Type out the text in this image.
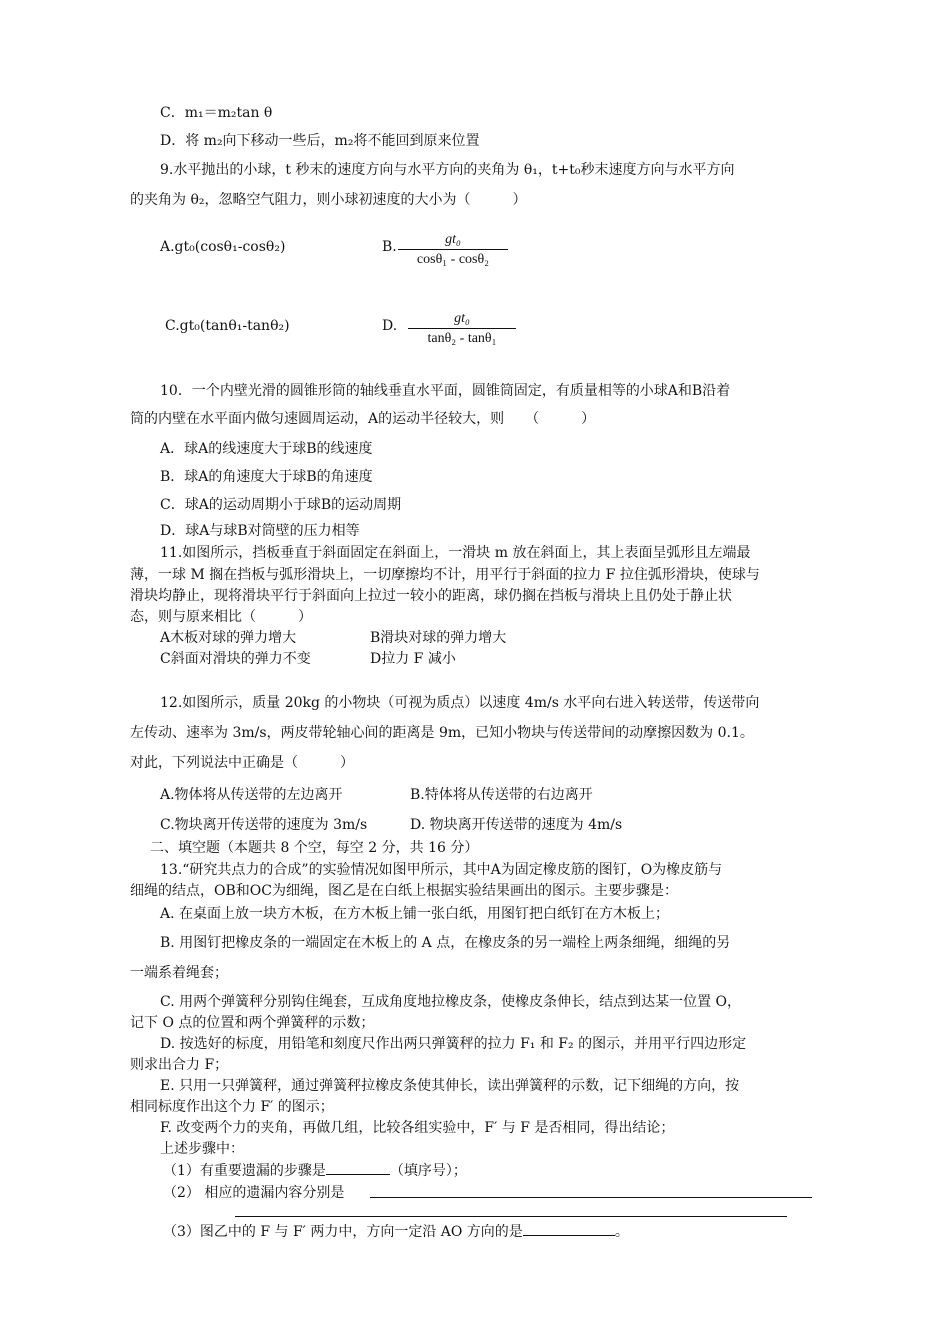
C．m₁＝m₂tan θ
D．将 m₂向下移动一些后，m₂将不能回到原来位置
9.水平抛出的小球，t 秒末的速度方向与水平方向的夹角为 θ₁，t+t₀秒末速度方向与水平方向
的夹角为 θ₂，忽略空气阻力，则小球初速度的大小为（　　　）
A.gt₀(cosθ₁-cosθ₂)	B. $\frac{\text{gt₀}}{\text{cosθ₁ - cosθ₂}}$
C.gt₀(tanθ₁-tanθ₂)	D. $\frac{\text{gt₀}}{\text{tanθ₂ - tanθ₁}}$
10．一个内壁光滑的圆锥形筒的轴线垂直水平面，圆锥筒固定，有质量相等的小球A和B沿着
筒的内壁在水平面内做匀速圆周运动，A的运动半径较大，则　　（　　　）
A．球A的线速度大于球B的线速度
B．球A的角速度大于球B的角速度
C．球A的运动周期小于球B的运动周期
D．球A与球B对筒壁的压力相等
11.如图所示，挡板垂直于斜面固定在斜面上，一滑块 m 放在斜面上，其上表面呈弧形且左端最
薄，一球 M 搁在挡板与弧形滑块上，一切摩擦均不计，用平行于斜面的拉力 F 拉住弧形滑块，使球与
滑块均静止，现将滑块平行于斜面向上拉过一较小的距离，球仍搁在挡板与滑块上且仍处于静止状
态，则与原来相比（　　　）
A木板对球的弹力增大	B滑块对球的弹力增大
C斜面对滑块的弹力不变	D拉力 F 减小
12.如图所示，质量 20kg 的小物块（可视为质点）以速度 4m/s 水平向右进入转送带，传送带向
左传动、速率为 3m/s，两皮带轮轴心间的距离是 9m，已知小物块与传送带间的动摩擦因数为 0.1。
对此，下列说法中正确是（　　　）
A.物体将从传送带的左边离开	B.特体将从传送带的右边离开
C.物块离开传送带的速度为 3m/s	D. 物块离开传送带的速度为 4m/s
二、填空题（本题共 8 个空，每空 2 分，共 16 分）
13.“研究共点力的合成”的实验情况如图甲所示，其中A为固定橡皮筋的图钉，O为橡皮筋与
细绳的结点，OB和OC为细绳，图乙是在白纸上根据实验结果画出的图示。主要步骤是：
A. 在桌面上放一块方木板，在方木板上铺一张白纸，用图钉把白纸钉在方木板上；
B. 用图钉把橡皮条的一端固定在木板上的 A 点，在橡皮条的另一端栓上两条细绳，细绳的另
一端系着绳套；
C. 用两个弹簧秤分别钩住绳套，互成角度地拉橡皮条，使橡皮条伸长，结点到达某一位置 O，
记下 O 点的位置和两个弹簧秤的示数；
D. 按选好的标度，用铅笔和刻度尺作出两只弹簧秤的拉力 F₁ 和 F₂ 的图示，并用平行四边形定
则求出合力 F；
E. 只用一只弹簧秤，通过弹簧秤拉橡皮条使其伸长，读出弹簧秤的示数，记下细绳的方向，按
相同标度作出这个力 F′ 的图示；
F. 改变两个力的夹角，再做几组，比较各组实验中，F′ 与 F 是否相同，得出结论；
上述步骤中：
（1）有重要遗漏的步骤是	（填序号）；
（2） 相应的遗漏内容分别是
（3）图乙中的 F 与 F′ 两力中，方向一定沿 AO 方向的是	。
